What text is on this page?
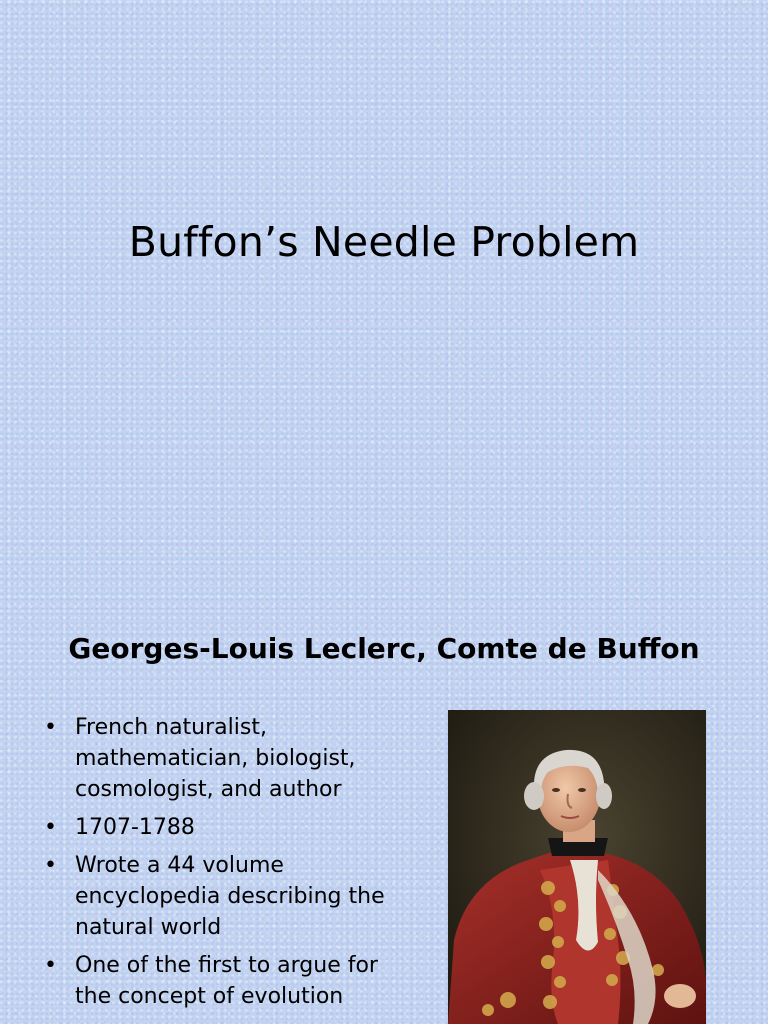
Buffon’s Needle Problem
Georges-Louis Leclerc, Comte de Buffon
• French naturalist, mathematician, biologist, cosmologist, and author
• 1707-1788
• Wrote a 44 volume encyclopedia describing the natural world
• One of the first to argue for the concept of evolution
